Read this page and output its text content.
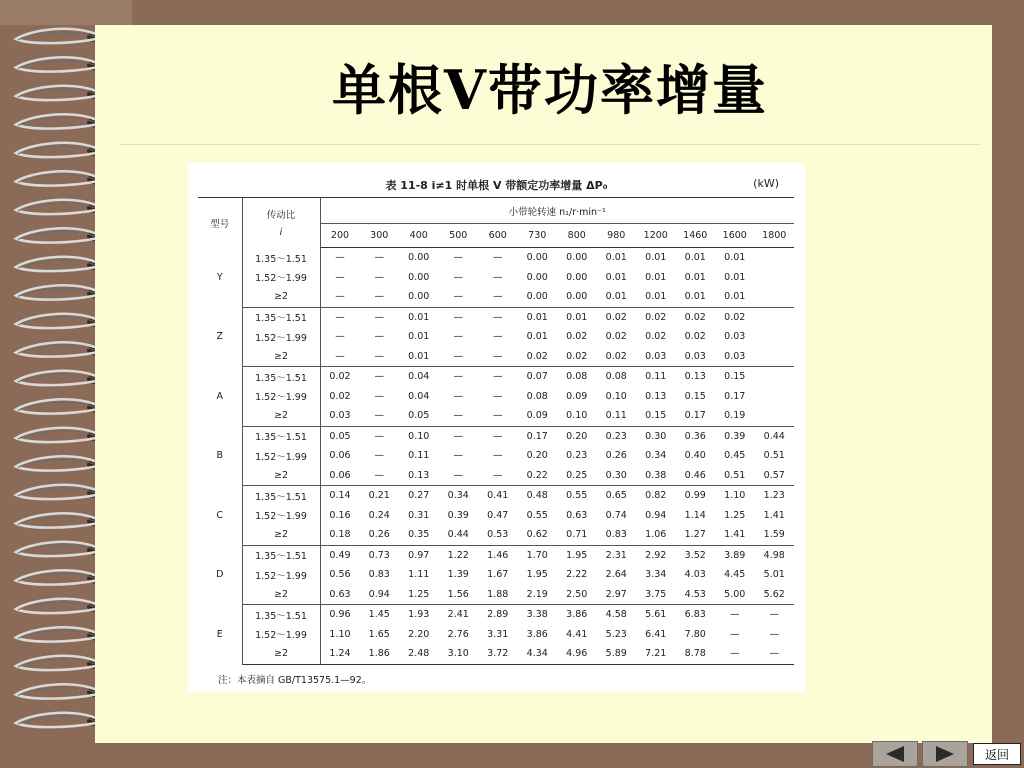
单根V带功率增量
表 11-8 i≠1 时单根 V 带额定功率增量 ΔP₀	(kW)
型号	传动比
i	小带轮转速 n₁/r·min⁻¹											
		200	300	400	500	600	730	800	980	1200	1460	1600	1800
Y	1.35～1.51	—	—	0.00	—	—	0.00	0.00	0.01	0.01	0.01	0.01	
	1.52～1.99	—	—	0.00	—	—	0.00	0.00	0.01	0.01	0.01	0.01	
	≥2	—	—	0.00	—	—	0.00	0.00	0.01	0.01	0.01	0.01	
Z	1.35～1.51	—	—	0.01	—	—	0.01	0.01	0.02	0.02	0.02	0.02	
	1.52～1.99	—	—	0.01	—	—	0.01	0.02	0.02	0.02	0.02	0.03	
	≥2	—	—	0.01	—	—	0.02	0.02	0.02	0.03	0.03	0.03	
A	1.35～1.51	0.02	—	0.04	—	—	0.07	0.08	0.08	0.11	0.13	0.15	
	1.52～1.99	0.02	—	0.04	—	—	0.08	0.09	0.10	0.13	0.15	0.17	
	≥2	0.03	—	0.05	—	—	0.09	0.10	0.11	0.15	0.17	0.19	
B	1.35～1.51	0.05	—	0.10	—	—	0.17	0.20	0.23	0.30	0.36	0.39	0.44
	1.52～1.99	0.06	—	0.11	—	—	0.20	0.23	0.26	0.34	0.40	0.45	0.51
	≥2	0.06	—	0.13	—	—	0.22	0.25	0.30	0.38	0.46	0.51	0.57
C	1.35～1.51	0.14	0.21	0.27	0.34	0.41	0.48	0.55	0.65	0.82	0.99	1.10	1.23
	1.52～1.99	0.16	0.24	0.31	0.39	0.47	0.55	0.63	0.74	0.94	1.14	1.25	1.41
	≥2	0.18	0.26	0.35	0.44	0.53	0.62	0.71	0.83	1.06	1.27	1.41	1.59
D	1.35～1.51	0.49	0.73	0.97	1.22	1.46	1.70	1.95	2.31	2.92	3.52	3.89	4.98
	1.52～1.99	0.56	0.83	1.11	1.39	1.67	1.95	2.22	2.64	3.34	4.03	4.45	5.01
	≥2	0.63	0.94	1.25	1.56	1.88	2.19	2.50	2.97	3.75	4.53	5.00	5.62
E	1.35～1.51	0.96	1.45	1.93	2.41	2.89	3.38	3.86	4.58	5.61	6.83	—	—
	1.52～1.99	1.10	1.65	2.20	2.76	3.31	3.86	4.41	5.23	6.41	7.80	—	—
	≥2	1.24	1.86	2.48	3.10	3.72	4.34	4.96	5.89	7.21	8.78	—	—
注：本表摘自 GB/T13575.1—92。
返回
